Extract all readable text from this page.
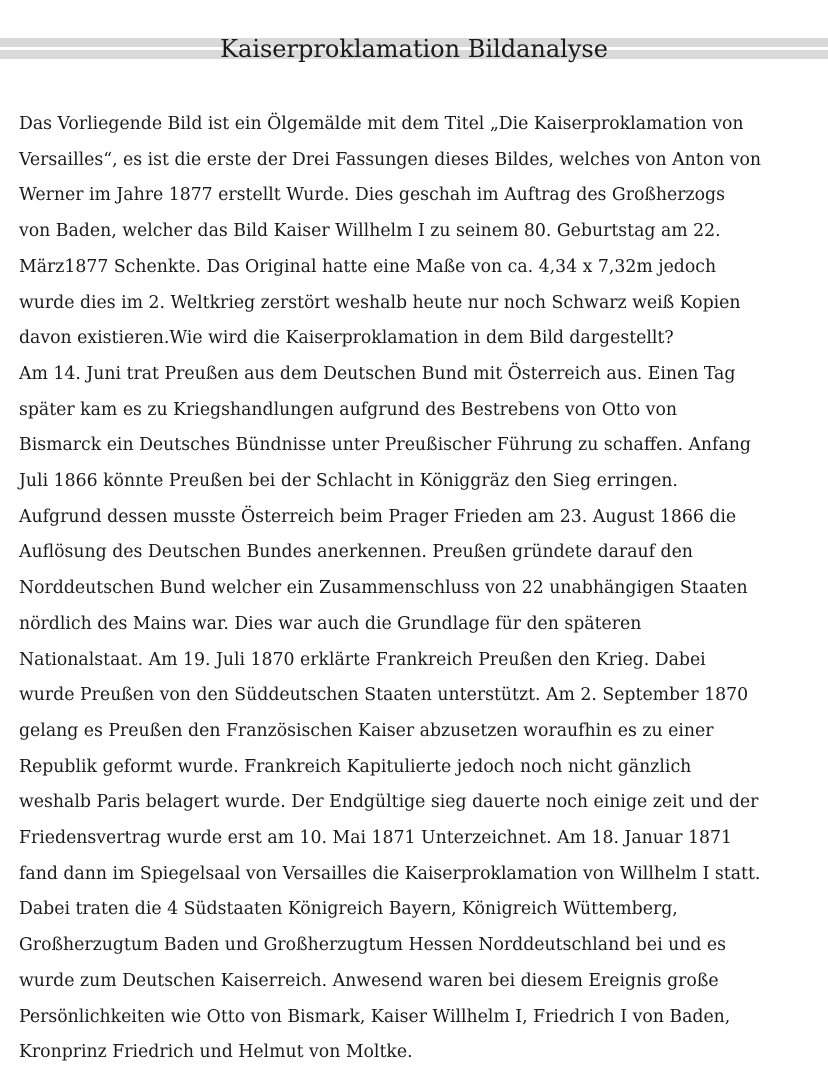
Kaiserproklamation Bildanalyse
Das Vorliegende Bild ist ein Ölgemälde mit dem Titel „Die Kaiserproklamation von
Versailles“, es ist die erste der Drei Fassungen dieses Bildes, welches von Anton von
Werner im Jahre 1877 erstellt Wurde. Dies geschah im Auftrag des Großherzogs
von Baden, welcher das Bild Kaiser Willhelm I zu seinem 80. Geburtstag am 22.
März1877 Schenkte. Das Original hatte eine Maße von ca. 4,34 x 7,32m jedoch
wurde dies im 2. Weltkrieg zerstört weshalb heute nur noch Schwarz weiß Kopien
davon existieren.Wie wird die Kaiserproklamation in dem Bild dargestellt?
Am 14. Juni trat Preußen aus dem Deutschen Bund mit Österreich aus. Einen Tag
später kam es zu Kriegshandlungen aufgrund des Bestrebens von Otto von
Bismarck ein Deutsches Bündnisse unter Preußischer Führung zu schaffen. Anfang
Juli 1866 könnte Preußen bei der Schlacht in Königgräz den Sieg erringen.
Aufgrund dessen musste Österreich beim Prager Frieden am 23. August 1866 die
Auflösung des Deutschen Bundes anerkennen. Preußen gründete darauf den
Norddeutschen Bund welcher ein Zusammenschluss von 22 unabhängigen Staaten
nördlich des Mains war. Dies war auch die Grundlage für den späteren
Nationalstaat. Am 19. Juli 1870 erklärte Frankreich Preußen den Krieg. Dabei
wurde Preußen von den Süddeutschen Staaten unterstützt. Am 2. September 1870
gelang es Preußen den Französischen Kaiser abzusetzen woraufhin es zu einer
Republik geformt wurde. Frankreich Kapitulierte jedoch noch nicht gänzlich
weshalb Paris belagert wurde. Der Endgültige sieg dauerte noch einige zeit und der
Friedensvertrag wurde erst am 10. Mai 1871 Unterzeichnet. Am 18. Januar 1871
fand dann im Spiegelsaal von Versailles die Kaiserproklamation von Willhelm I statt.
Dabei traten die 4 Südstaaten Königreich Bayern, Königreich Wüttemberg,
Großherzugtum Baden und Großherzugtum Hessen Norddeutschland bei und es
wurde zum Deutschen Kaiserreich. Anwesend waren bei diesem Ereignis große
Persönlichkeiten wie Otto von Bismark, Kaiser Willhelm I, Friedrich I von Baden,
Kronprinz Friedrich und Helmut von Moltke.
